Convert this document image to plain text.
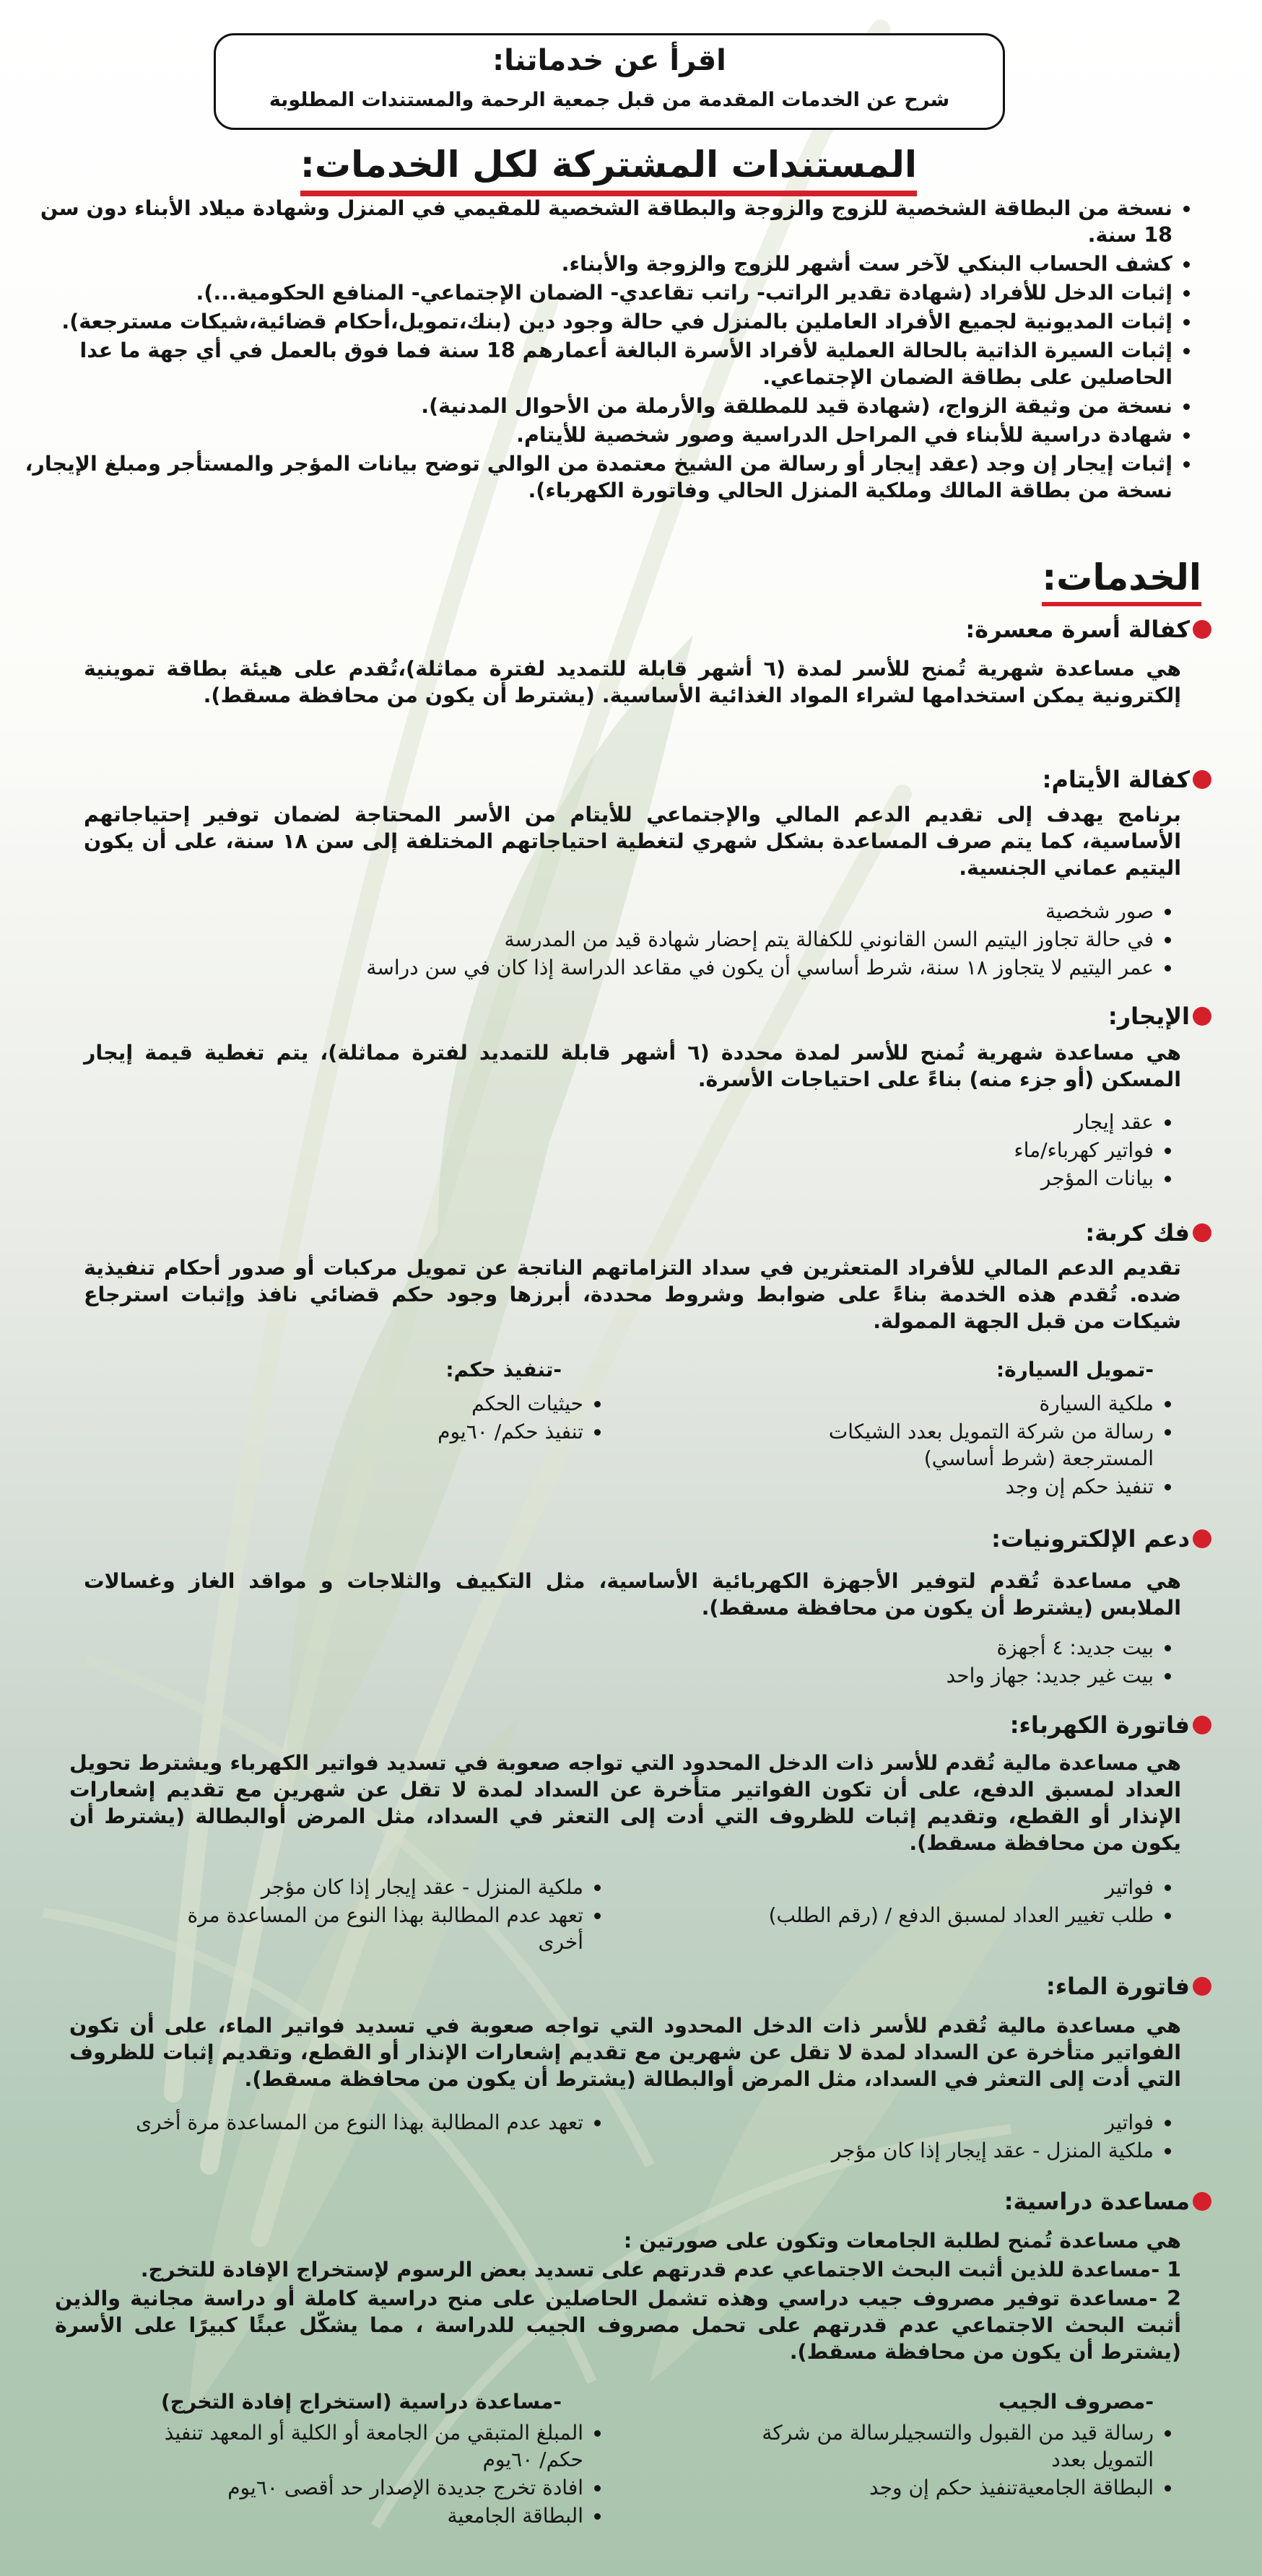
اقرأ عن خدماتنا:
شرح عن الخدمات المقدمة من قبل جمعية الرحمة والمستندات المطلوبة
المستندات المشتركة لكل الخدمات:
• نسخة من البطاقة الشخصية للزوج والزوجة والبطاقة الشخصية للمقيمي في المنزل وشهادة ميلاد الأبناء دون سن 18 سنة.
• كشف الحساب البنكي لآخر ست أشهر للزوج والزوجة والأبناء.
• إثبات الدخل للأفراد (شهادة تقدير الراتب- راتب تقاعدي- الضمان الإجتماعي- المنافع الحكومية...).
• إثبات المديونية لجميع الأفراد العاملين بالمنزل في حالة وجود دين (بنك،تمويل،أحكام قضائية،شيكات مسترجعة).
• إثبات السيرة الذاتية بالحالة العملية لأفراد الأسرة البالغة أعمارهم 18 سنة فما فوق بالعمل في أي جهة ما عدا الحاصلين على بطاقة الضمان الإجتماعي.
• نسخة من وثيقة الزواج، (شهادة قيد للمطلقة والأرملة من الأحوال المدنية).
• شهادة دراسية للأبناء في المراحل الدراسية وصور شخصية للأيتام.
• إثبات إيجار إن وجد (عقد إيجار أو رسالة من الشيخ معتمدة من الوالي توضح بيانات المؤجر والمستأجر ومبلغ الإيجار، نسخة من بطاقة المالك وملكية المنزل الحالي وفاتورة الكهرباء).
الخدمات:
كفالة أسرة معسرة:
هي مساعدة شهرية تُمنح للأسر لمدة (٦ أشهر قابلة للتمديد لفترة مماثلة)،تُقدم على هيئة بطاقة تموينية إلكترونية يمكن استخدامها لشراء المواد الغذائية الأساسية. (يشترط أن يكون من محافظة مسقط).
كفالة الأيتام:
برنامج يهدف إلى تقديم الدعم المالي والإجتماعي للأيتام من الأسر المحتاجة لضمان توفير إحتياجاتهم الأساسية، كما يتم صرف المساعدة بشكل شهري لتغطية احتياجاتهم المختلفة إلى سن ١٨ سنة، على أن يكون اليتيم عماني الجنسية.
• صور شخصية
• في حالة تجاوز اليتيم السن القانوني للكفالة يتم إحضار شهادة قيد من المدرسة
• عمر اليتيم لا يتجاوز ١٨ سنة، شرط أساسي أن يكون في مقاعد الدراسة إذا كان في سن دراسة
الإيجار:
هي مساعدة شهرية تُمنح للأسر لمدة محددة (٦ أشهر قابلة للتمديد لفترة مماثلة)، يتم تغطية قيمة إيجار المسكن (أو جزء منه) بناءً على احتياجات الأسرة.
• عقد إيجار
• فواتير كهرباء/ماء
• بيانات المؤجر
فك كربة:
تقديم الدعم المالي للأفراد المتعثرين في سداد التزاماتهم الناتجة عن تمويل مركبات أو صدور أحكام تنفيذية ضده. تُقدم هذه الخدمة بناءً على ضوابط وشروط محددة، أبرزها وجود حكم قضائي نافذ وإثبات استرجاع شيكات من قبل الجهة الممولة.
-تمويل السيارة:
• ملكية السيارة
• رسالة من شركة التمويل بعدد الشيكات المسترجعة (شرط أساسي)
• تنفيذ حكم إن وجد
-تنفيذ حكم:
• حيثيات الحكم
• تنفيذ حكم/ ٦٠يوم
دعم الإلكترونيات:
هي مساعدة تُقدم لتوفير الأجهزة الكهربائية الأساسية، مثل التكييف والثلاجات و مواقد الغاز وغسالات الملابس (يشترط أن يكون من محافظة مسقط).
• بيت جديد: ٤ أجهزة
• بيت غير جديد: جهاز واحد
فاتورة الكهرباء:
هي مساعدة مالية تُقدم للأسر ذات الدخل المحدود التي تواجه صعوبة في تسديد فواتير الكهرباء ويشترط تحويل العداد لمسبق الدفع، على أن تكون الفواتير متأخرة عن السداد لمدة لا تقل عن شهرين مع تقديم إشعارات الإنذار أو القطع، وتقديم إثبات للظروف التي أدت إلى التعثر في السداد، مثل المرض أوالبطالة (يشترط أن يكون من محافظة مسقط).
• فواتير
• طلب تغيير العداد لمسبق الدفع / (رقم الطلب)
• ملكية المنزل - عقد إيجار إذا كان مؤجر
• تعهد عدم المطالبة بهذا النوع من المساعدة مرة أخرى
فاتورة الماء:
هي مساعدة مالية تُقدم للأسر ذات الدخل المحدود التي تواجه صعوبة في تسديد فواتير الماء، على أن تكون الفواتير متأخرة عن السداد لمدة لا تقل عن شهرين مع تقديم إشعارات الإنذار أو القطع، وتقديم إثبات للظروف التي أدت إلى التعثر في السداد، مثل المرض أوالبطالة (يشترط أن يكون من محافظة مسقط).
• فواتير
• ملكية المنزل - عقد إيجار إذا كان مؤجر
• تعهد عدم المطالبة بهذا النوع من المساعدة مرة أخرى
مساعدة دراسية:
هي مساعدة تُمنح لطلبة الجامعات وتكون على صورتين :
1 -مساعدة للذين أثبت البحث الاجتماعي عدم قدرتهم على تسديد بعض الرسوم لإستخراج الإفادة للتخرج.
2 -مساعدة توفير مصروف جيب دراسي وهذه تشمل الحاصلين على منح دراسية كاملة أو دراسة مجانية والذين أثبت البحث الاجتماعي عدم قدرتهم على تحمل مصروف الجيب للدراسة ، مما يشكّل عبئًا كبيرًا على الأسرة (يشترط أن يكون من محافظة مسقط).
-مصروف الجيب
• رسالة قيد من القبول والتسجيلرسالة من شركة التمويل بعدد
• البطاقة الجامعيةتنفيذ حكم إن وجد
-مساعدة دراسية (استخراج إفادة التخرج)
• المبلغ المتبقي من الجامعة أو الكلية أو المعهد تنفيذ حكم/ ٦٠يوم
• افادة تخرج جديدة الإصدار حد أقصى ٦٠يوم
• البطاقة الجامعية
